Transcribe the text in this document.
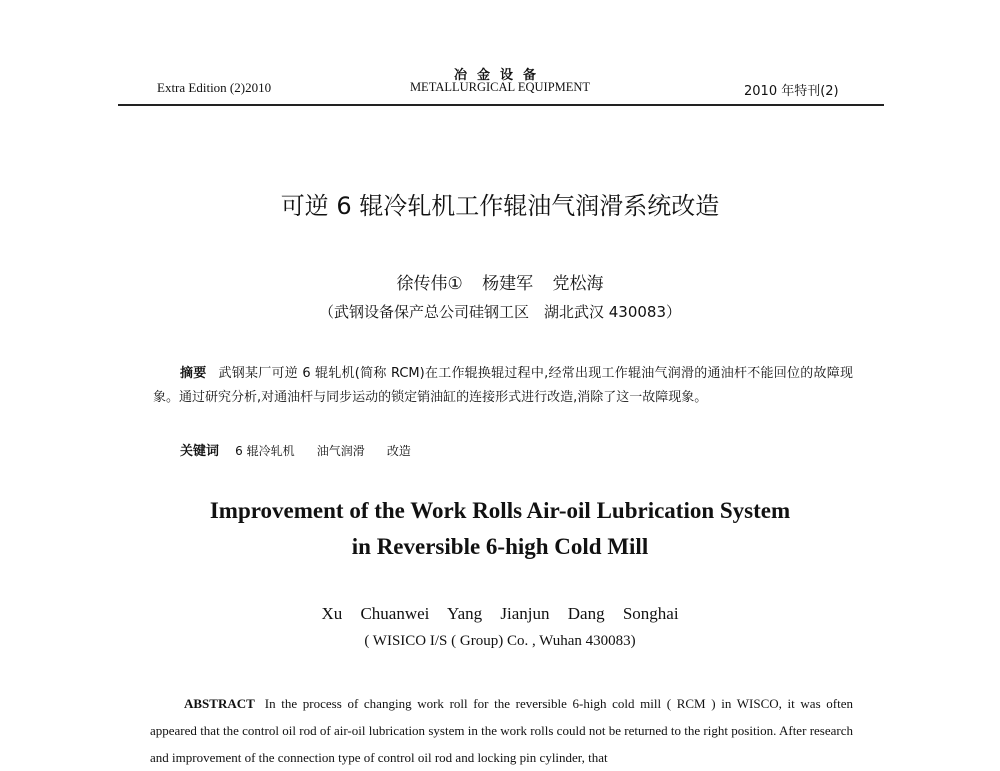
Extra Edition (2)2010
冶金设备
METALLURGICAL EQUIPMENT	2010 年特刊(2)
可逆 6 辊冷轧机工作辊油气润滑系统改造
徐传伟① 杨建军 党松海
（武钢设备保产总公司硅钢工区　湖北武汉 430083）
摘要 武钢某厂可逆 6 辊轧机(简称 RCM)在工作辊换辊过程中,经常出现工作辊油气润滑的通油杆不能回位的故障现象。通过研究分析,对通油杆与同步运动的锁定销油缸的连接形式进行改造,消除了这一故障现象。
关键词 6 辊冷轧机 油气润滑 改造
Improvement of the Work Rolls Air-oil Lubrication System
in Reversible 6-high Cold Mill
Xu Chuanwei Yang Jianjun Dang Songhai
( WISICO I/S ( Group) Co. , Wuhan 430083)
ABSTRACT In the process of changing work roll for the reversible 6-high cold mill ( RCM ) in WISCO, it was often appeared that the control oil rod of air-oil lubrication system in the work rolls could not be returned to the right position. After research and improvement of the connection type of control oil rod and locking pin cylinder, that
